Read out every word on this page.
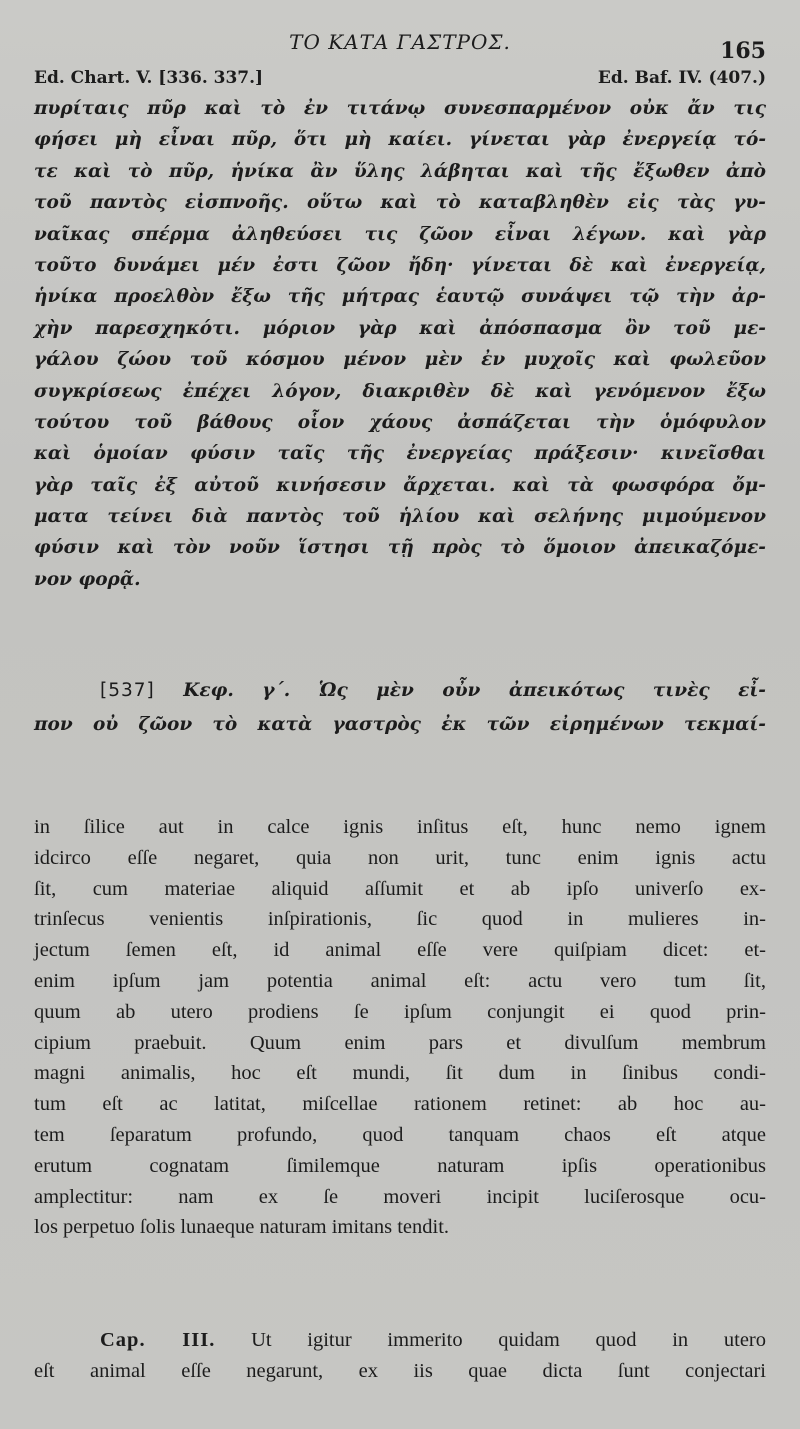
ΤΟ ΚΑΤΑ ΓΑΣΤΡΟΣ.	165
Ed. Chart. V. [336. 337.]	Ed. Baf. IV. (407.)
πυρίταις πῦρ καὶ τὸ ἐν τιτάνῳ συνεσπαρμένον οὐκ ἄν τις
φήσει μὴ εἶναι πῦρ, ὅτι μὴ καίει. γίνεται γὰρ ἐνεργείᾳ τό-
τε καὶ τὸ πῦρ, ἡνίκα ἂν ὕλης λάβηται καὶ τῆς ἔξωθεν ἀπὸ
τοῦ παντὸς εἰσπνοῆς. οὕτω καὶ τὸ καταβληθὲν εἰς τὰς γυ-
ναῖκας σπέρμα ἀληθεύσει τις ζῶον εἶναι λέγων. καὶ γὰρ
τοῦτο δυνάμει μέν ἐστι ζῶον ἤδη· γίνεται δὲ καὶ ἐνεργείᾳ,
ἡνίκα προελθὸν ἔξω τῆς μήτρας ἑαυτῷ συνάψει τῷ τὴν ἀρ-
χὴν παρεσχηκότι. μόριον γὰρ καὶ ἀπόσπασμα ὂν τοῦ με-
γάλου ζώου τοῦ κόσμου μένον μὲν ἐν μυχοῖς καὶ φωλεῦον
συγκρίσεως ἐπέχει λόγον, διακριθὲν δὲ καὶ γενόμενον ἔξω
τούτου τοῦ βάθους οἷον χάους ἀσπάζεται τὴν ὁμόφυλον
καὶ ὁμοίαν φύσιν ταῖς τῆς ἐνεργείας πράξεσιν· κινεῖσθαι
γὰρ ταῖς ἐξ αὐτοῦ κινήσεσιν ἄρχεται. καὶ τὰ φωσφόρα ὄμ-
ματα τείνει διὰ παντὸς τοῦ ἡλίου καὶ σελήνης μιμούμενον
φύσιν καὶ τὸν νοῦν ἵστησι τῇ πρὸς τὸ ὅμοιον ἀπεικαζόμε-
νον φορᾷ.
[537] Κεφ. γ΄. Ὡς μὲν οὖν ἀπεικότως τινὲς εἶ-
πον οὐ ζῶον τὸ κατὰ γαστρὸς ἐκ τῶν εἰρημένων τεκμαί-
in ſilice aut in calce ignis inſitus eſt, hunc nemo ignem
idcirco eſſe negaret, quia non urit, tunc enim ignis actu
ſit, cum materiae aliquid aſſumit et ab ipſo univerſo ex-
trinſecus venientis inſpirationis, ſic quod in mulieres in-
jectum ſemen eſt, id animal eſſe vere quiſpiam dicet: et-
enim ipſum jam potentia animal eſt: actu vero tum ſit,
quum ab utero prodiens ſe ipſum conjungit ei quod prin-
cipium praebuit. Quum enim pars et divulſum membrum
magni animalis, hoc eſt mundi, ſit dum in ſinibus condi-
tum eſt ac latitat, miſcellae rationem retinet: ab hoc au-
tem ſeparatum profundo, quod tanquam chaos eſt atque
erutum cognatam ſimilemque naturam ipſis operationibus
amplectitur: nam ex ſe moveri incipit luciſerosque ocu-
los perpetuo ſolis lunaeque naturam imitans tendit.
Cap. III. Ut igitur immerito quidam quod in utero
eſt animal eſſe negarunt, ex iis quae dicta ſunt conjectari
